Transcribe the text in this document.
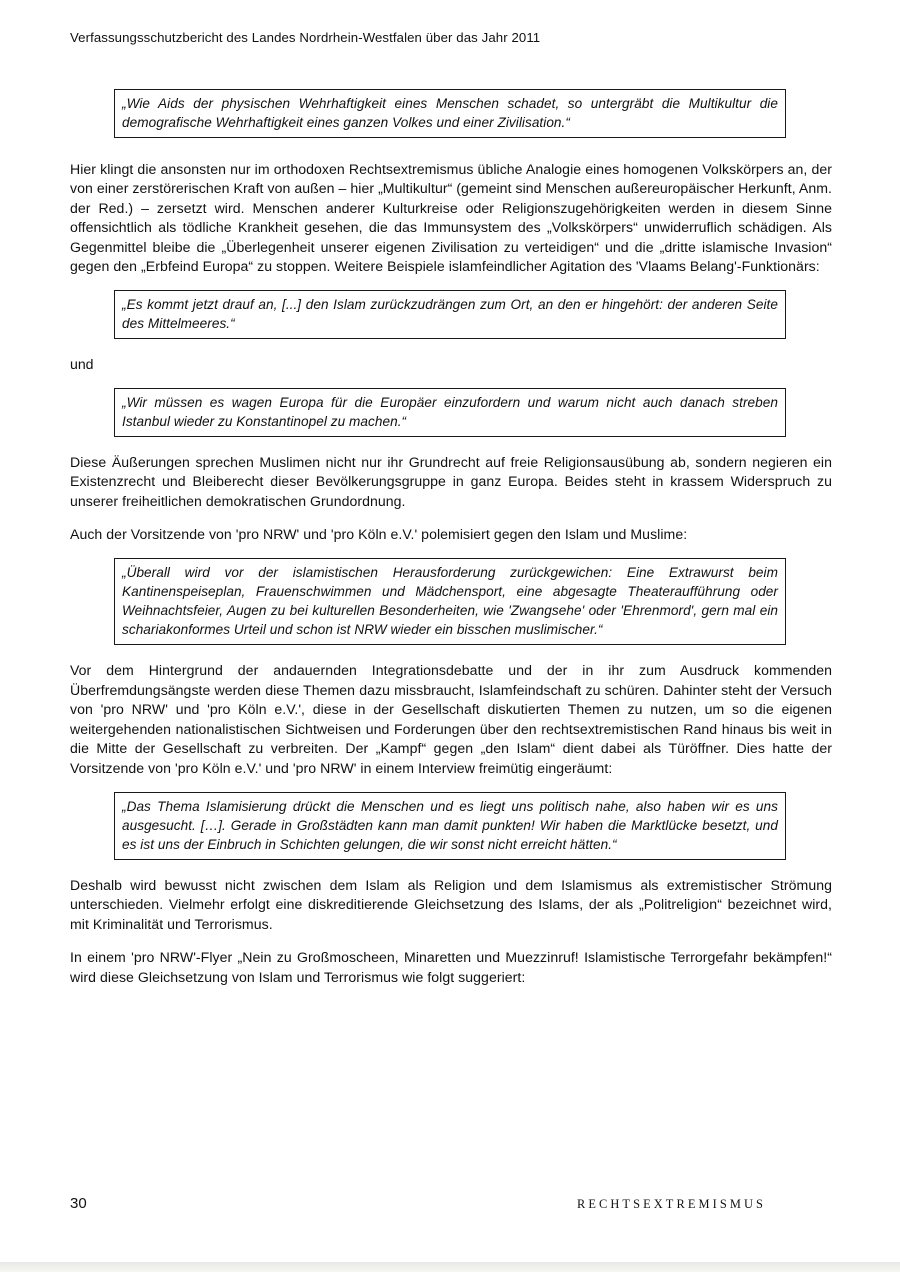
Verfassungsschutzbericht des Landes Nordrhein-Westfalen über das Jahr 2011
„Wie Aids der physischen Wehrhaftigkeit eines Menschen schadet, so untergräbt die Multikultur die demografische Wehrhaftigkeit eines ganzen Volkes und einer Zivilisation.“

Hier klingt die ansonsten nur im orthodoxen Rechtsextremismus übliche Analogie eines homogenen Volkskörpers an, der von einer zerstörerischen Kraft von außen – hier „Multikultur“ (gemeint sind Menschen außereuropäischer Herkunft, Anm. der Red.) – zersetzt wird. Menschen anderer Kulturkreise oder Religionszugehörigkeiten werden in diesem Sinne offensichtlich als tödliche Krankheit gesehen, die das Immunsystem des „Volkskörpers“ unwiderruflich schädigen. Als Gegenmittel bleibe die „Überlegenheit unserer eigenen Zivilisation zu verteidigen“ und die „dritte islamische Invasion“ gegen den „Erbfeind Europa“ zu stoppen. Weitere Beispiele islamfeindlicher Agitation des 'Vlaams Belang'-Funktionärs:

„Es kommt jetzt drauf an, [...] den Islam zurückzudrängen zum Ort, an den er hingehört: der anderen Seite des Mittelmeeres.“
und
„Wir müssen es wagen Europa für die Europäer einzufordern und warum nicht auch danach streben Istanbul wieder zu Konstantinopel zu machen.“

Diese Äußerungen sprechen Muslimen nicht nur ihr Grundrecht auf freie Religionsausübung ab, sondern negieren ein Existenzrecht und Bleiberecht dieser Bevölkerungsgruppe in ganz Europa. Beides steht in krassem Widerspruch zu unserer freiheitlichen demokratischen Grundordnung.

Auch der Vorsitzende von 'pro NRW' und 'pro Köln e.V.' polemisiert gegen den Islam und Muslime:

„Überall wird vor der islamistischen Herausforderung zurückgewichen: Eine Extrawurst beim Kantinenspeiseplan, Frauenschwimmen und Mädchensport, eine abgesagte Theateraufführung oder Weihnachtsfeier, Augen zu bei kulturellen Besonderheiten, wie 'Zwangsehe' oder 'Ehrenmord', gern mal ein schariakonformes Urteil und schon ist NRW wieder ein bisschen muslimischer.“

Vor dem Hintergrund der andauernden Integrationsdebatte und der in ihr zum Ausdruck kommenden Überfremdungsängste werden diese Themen dazu missbraucht, Islamfeindschaft zu schüren. Dahinter steht der Versuch von 'pro NRW' und 'pro Köln e.V.', diese in der Gesellschaft diskutierten Themen zu nutzen, um so die eigenen weitergehenden nationalistischen Sichtweisen und Forderungen über den rechtsextremistischen Rand hinaus bis weit in die Mitte der Gesellschaft zu verbreiten. Der „Kampf“ gegen „den Islam“ dient dabei als Türöffner. Dies hatte der Vorsitzende von 'pro Köln e.V.' und 'pro NRW' in einem Interview freimütig eingeräumt:

„Das Thema Islamisierung drückt die Menschen und es liegt uns politisch nahe, also haben wir es uns ausgesucht. […]. Gerade in Großstädten kann man damit punkten! Wir haben die Marktlücke besetzt, und es ist uns der Einbruch in Schichten gelungen, die wir sonst nicht erreicht hätten.“

Deshalb wird bewusst nicht zwischen dem Islam als Religion und dem Islamismus als extremistischer Strömung unterschieden. Vielmehr erfolgt eine diskreditierende Gleichsetzung des Islams, der als „Politreligion“ bezeichnet wird, mit Kriminalität und Terrorismus.

In einem 'pro NRW'-Flyer „Nein zu Großmoscheen, Minaretten und Muezzinruf! Islamistische Terrorgefahr bekämpfen!“ wird diese Gleichsetzung von Islam und Terrorismus wie folgt suggeriert:

30	RECHTSEXTREMISMUS
